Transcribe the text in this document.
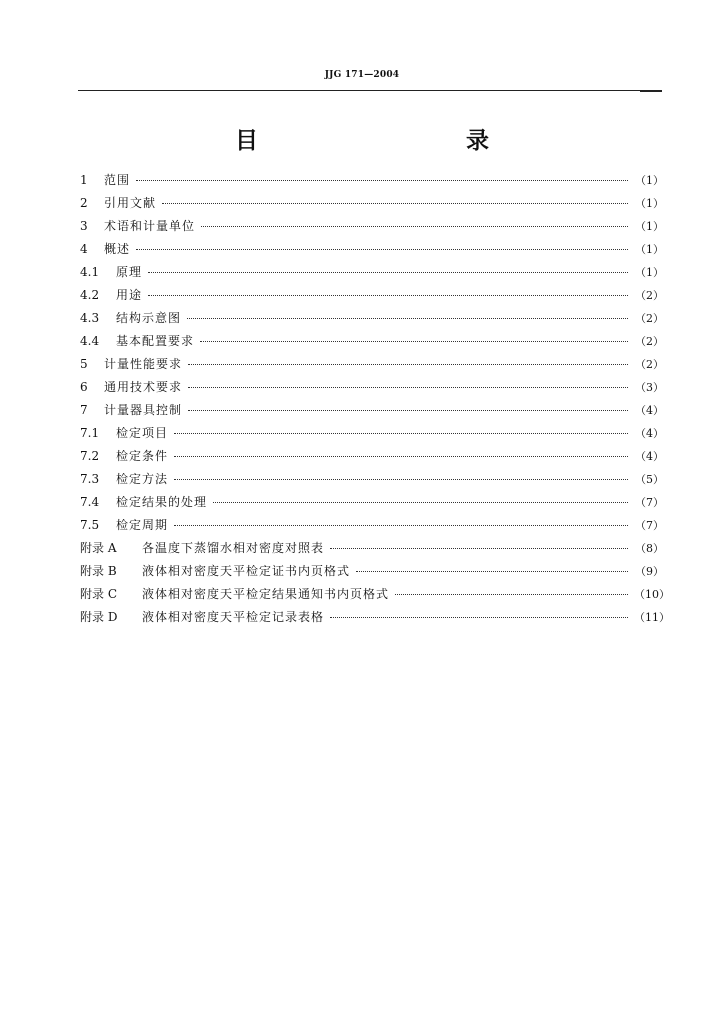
JJG 171—2004
目　　录
1	范围	（1）
2	引用文献	（1）
3	术语和计量单位	（1）
4	概述	（1）
4.1	原理	（1）
4.2	用途	（2）
4.3	结构示意图	（2）
4.4	基本配置要求	（2）
5	计量性能要求	（2）
6	通用技术要求	（3）
7	计量器具控制	（4）
7.1	检定项目	（4）
7.2	检定条件	（4）
7.3	检定方法	（5）
7.4	检定结果的处理	（7）
7.5	检定周期	（7）
附录 A	各温度下蒸馏水相对密度对照表	（8）
附录 B	液体相对密度天平检定证书内页格式	（9）
附录 C	液体相对密度天平检定结果通知书内页格式	（10）
附录 D	液体相对密度天平检定记录表格	（11）
